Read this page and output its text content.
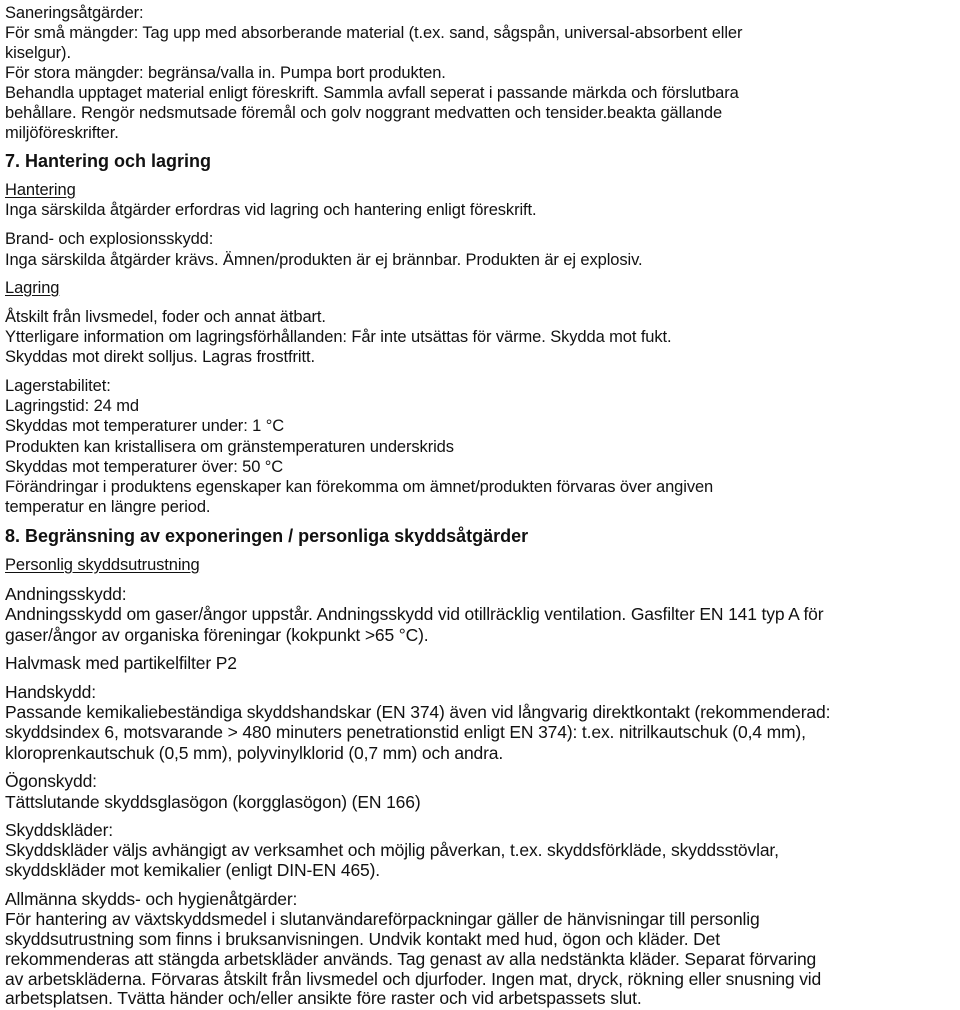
Saneringsåtgärder:
För små mängder: Tag upp med absorberande material (t.ex. sand, sågspån, universal-absorbent eller
kiselgur).
För stora mängder: begränsa/valla in. Pumpa bort produkten.
Behandla upptaget material enligt föreskrift. Sammla avfall seperat i passande märkda och förslutbara
behållare. Rengör nedsmutsade föremål och golv noggrant medvatten och tensider.beakta gällande
miljöföreskrifter.
7. Hantering och lagring
Hantering
Inga särskilda åtgärder erfordras vid lagring och hantering enligt föreskrift.
Brand- och explosionsskydd:
Inga särskilda åtgärder krävs. Ämnen/produkten är ej brännbar. Produkten är ej explosiv.
Lagring
Åtskilt från livsmedel, foder och annat ätbart.
Ytterligare information om lagringsförhållanden: Får inte utsättas för värme. Skydda mot fukt.
Skyddas mot direkt solljus. Lagras frostfritt.
Lagerstabilitet:
Lagringstid: 24 md
Skyddas mot temperaturer under: 1 °C
Produkten kan kristallisera om gränstemperaturen underskrids
Skyddas mot temperaturer över: 50 °C
Förändringar i produktens egenskaper kan förekomma om ämnet/produkten förvaras över angiven
temperatur en längre period.
8. Begränsning av exponeringen / personliga skyddsåtgärder
Personlig skyddsutrustning
Andningsskydd:
Andningsskydd om gaser/ångor uppstår. Andningsskydd vid otillräcklig ventilation. Gasfilter EN 141 typ A för
gaser/ångor av organiska föreningar (kokpunkt >65 °C).
Halvmask med partikelfilter P2
Handskydd:
Passande kemikaliebeständiga skyddshandskar (EN 374) även vid långvarig direktkontakt (rekommenderad:
skyddsindex 6, motsvarande > 480 minuters penetrationstid enligt EN 374): t.ex. nitrilkautschuk (0,4 mm),
kloroprenkautschuk (0,5 mm), polyvinylklorid (0,7 mm) och andra.
Ögonskydd:
Tättslutande skyddsglasögon (korgglasögon) (EN 166)
Skyddskläder:
Skyddskläder väljs avhängigt av verksamhet och möjlig påverkan, t.ex. skyddsförkläde, skyddsstövlar,
skyddskläder mot kemikalier (enligt DIN-EN 465).
Allmänna skydds- och hygienåtgärder:
För hantering av växtskyddsmedel i slutanvändareförpackningar gäller de hänvisningar till personlig
skyddsutrustning som finns i bruksanvisningen. Undvik kontakt med hud, ögon och kläder. Det
rekommenderas att stängda arbetskläder används. Tag genast av alla nedstänkta kläder. Separat förvaring
av arbetskläderna. Förvaras åtskilt från livsmedel och djurfoder. Ingen mat, dryck, rökning eller snusning vid
arbetsplatsen. Tvätta händer och/eller ansikte före raster och vid arbetspassets slut.
